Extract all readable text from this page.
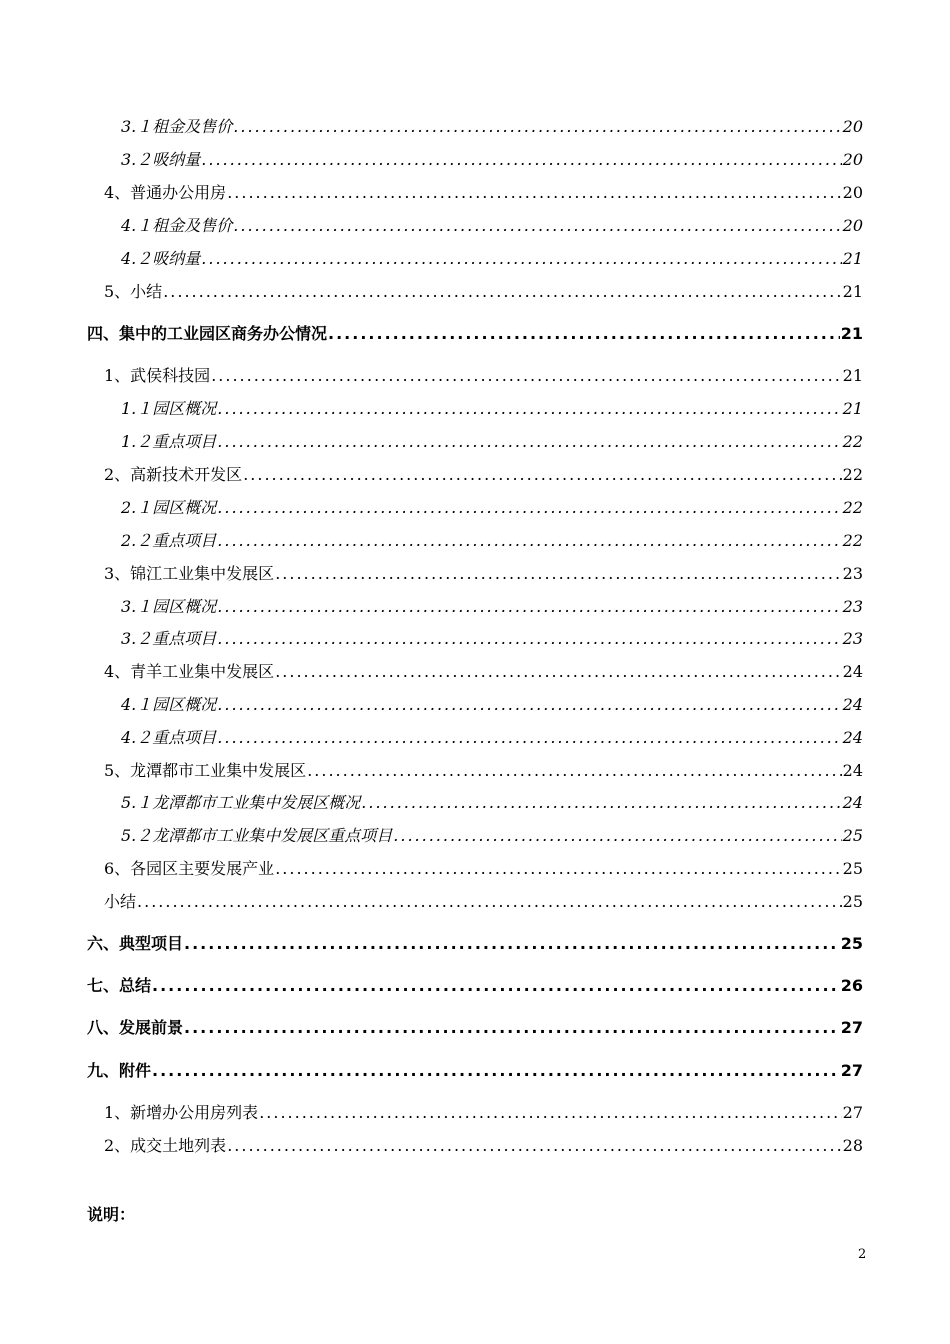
3.１租金及售价 .....	20
3.２吸纳量 .....	20
4、普通办公用房 .....	20
4.１租金及售价 .....	20
4.２吸纳量 .....	21
5、小结 .....	21
四、集中的工业园区商务办公情况 .....	21
1、武侯科技园 .....	21
1.１园区概况 .....	21
1.２重点项目 .....	22
2、高新技术开发区 .....	22
2.１园区概况 .....	22
2.２重点项目 .....	22
3、锦江工业集中发展区 .....	23
3.１园区概况 .....	23
3.２重点项目 .....	23
4、青羊工业集中发展区 .....	24
4.１园区概况 .....	24
4.２重点项目 .....	24
5、龙潭都市工业集中发展区 .....	24
5.１龙潭都市工业集中发展区概况 .....	24
5.２龙潭都市工业集中发展区重点项目 .....	25
6、各园区主要发展产业 .....	25
小结 .....	25
六、典型项目 .....	25
七、总结 .....	26
八、发展前景 .....	27
九、附件 .....	27
1、新增办公用房列表 .....	27
2、成交土地列表 .....	28
说明：
2
